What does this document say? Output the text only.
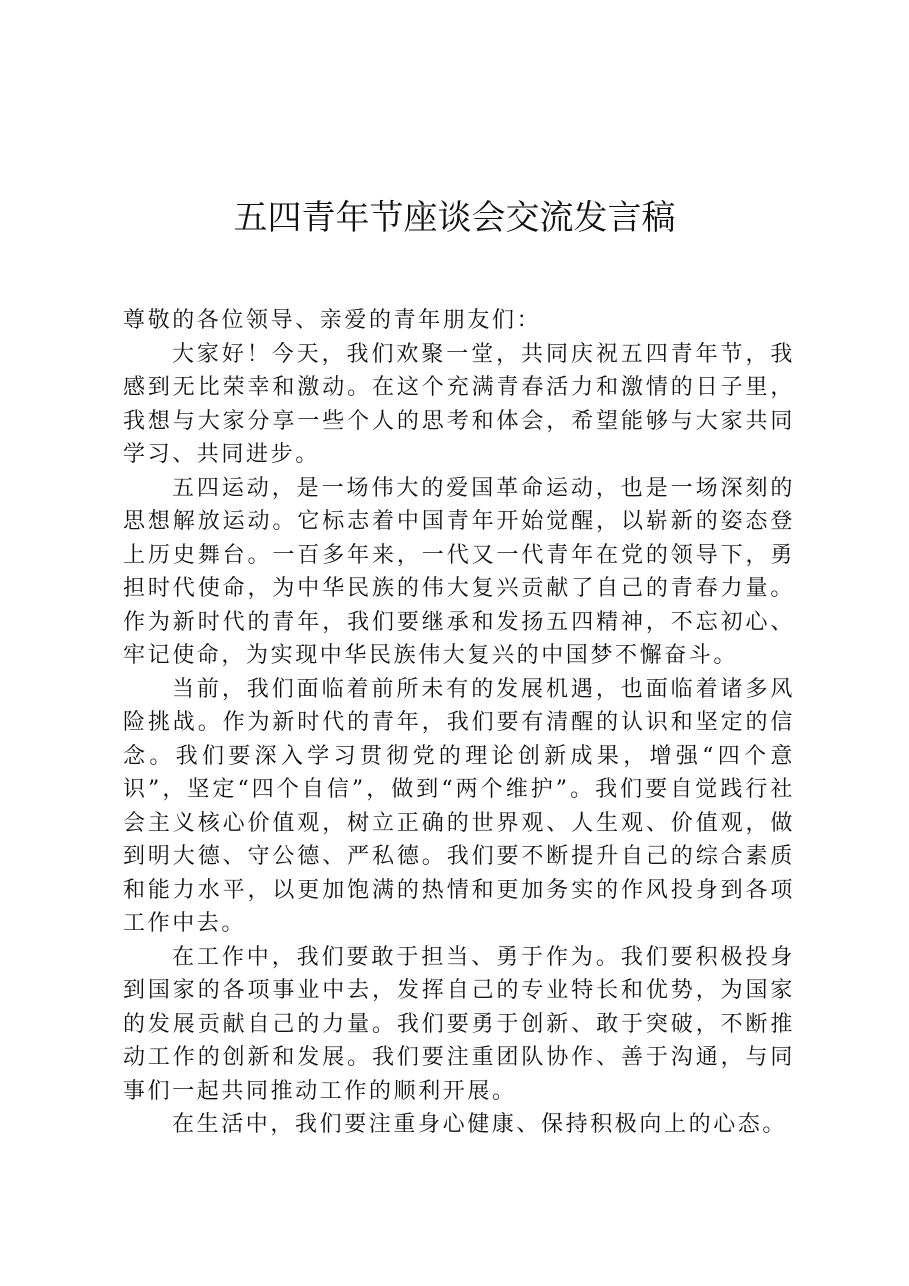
五四青年节座谈会交流发言稿

尊敬的各位领导、亲爱的青年朋友们：

大家好！今天，我们欢聚一堂，共同庆祝五四青年节，我感到无比荣幸和激动。在这个充满青春活力和激情的日子里，我想与大家分享一些个人的思考和体会，希望能够与大家共同学习、共同进步。

五四运动，是一场伟大的爱国革命运动，也是一场深刻的思想解放运动。它标志着中国青年开始觉醒，以崭新的姿态登上历史舞台。一百多年来，一代又一代青年在党的领导下，勇担时代使命，为中华民族的伟大复兴贡献了自己的青春力量。作为新时代的青年，我们要继承和发扬五四精神，不忘初心、牢记使命，为实现中华民族伟大复兴的中国梦不懈奋斗。

当前，我们面临着前所未有的发展机遇，也面临着诸多风险挑战。作为新时代的青年，我们要有清醒的认识和坚定的信念。我们要深入学习贯彻党的理论创新成果，增强“四个意识”，坚定“四个自信”，做到“两个维护”。我们要自觉践行社会主义核心价值观，树立正确的世界观、人生观、价值观，做到明大德、守公德、严私德。我们要不断提升自己的综合素质和能力水平，以更加饱满的热情和更加务实的作风投身到各项工作中去。

在工作中，我们要敢于担当、勇于作为。我们要积极投身到国家的各项事业中去，发挥自己的专业特长和优势，为国家的发展贡献自己的力量。我们要勇于创新、敢于突破，不断推动工作的创新和发展。我们要注重团队协作、善于沟通，与同事们一起共同推动工作的顺利开展。

在生活中，我们要注重身心健康、保持积极向上的心态。
